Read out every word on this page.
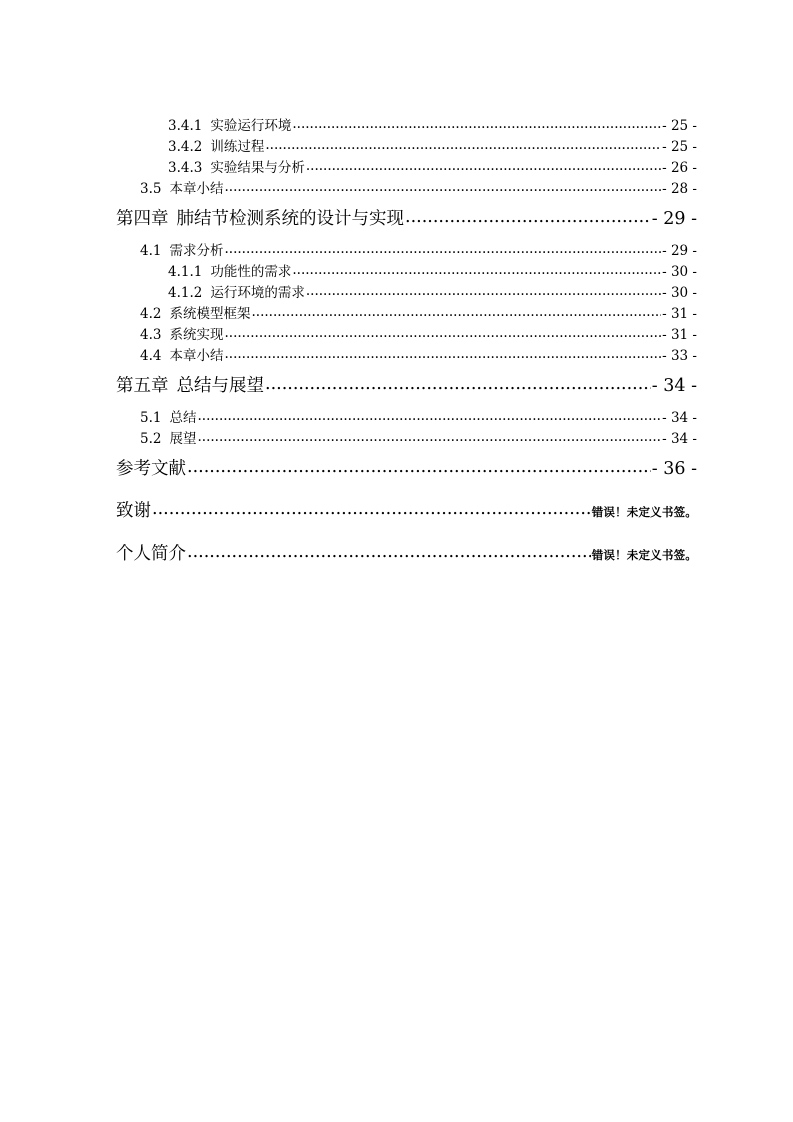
3.4.1 实验运行环境 .....	- 25 -
3.4.2 训练过程 .....	- 25 -
3.4.3 实验结果与分析 .....	- 26 -
3.5 本章小结 .....	- 28 -
第四章 肺结节检测系统的设计与实现 .....	- 29 -
4.1 需求分析 .....	- 29 -
4.1.1 功能性的需求 .....	- 30 -
4.1.2 运行环境的需求 .....	- 30 -
4.2 系统模型框架 .....	- 31 -
4.3 系统实现 .....	- 31 -
4.4 本章小结 .....	- 33 -
第五章 总结与展望 .....	- 34 -
5.1 总结 .....	- 34 -
5.2 展望 .....	- 34 -
参考文献 .....	- 36 -
致谢 .....	错误！未定义书签。
个人简介 .....	错误！未定义书签。
